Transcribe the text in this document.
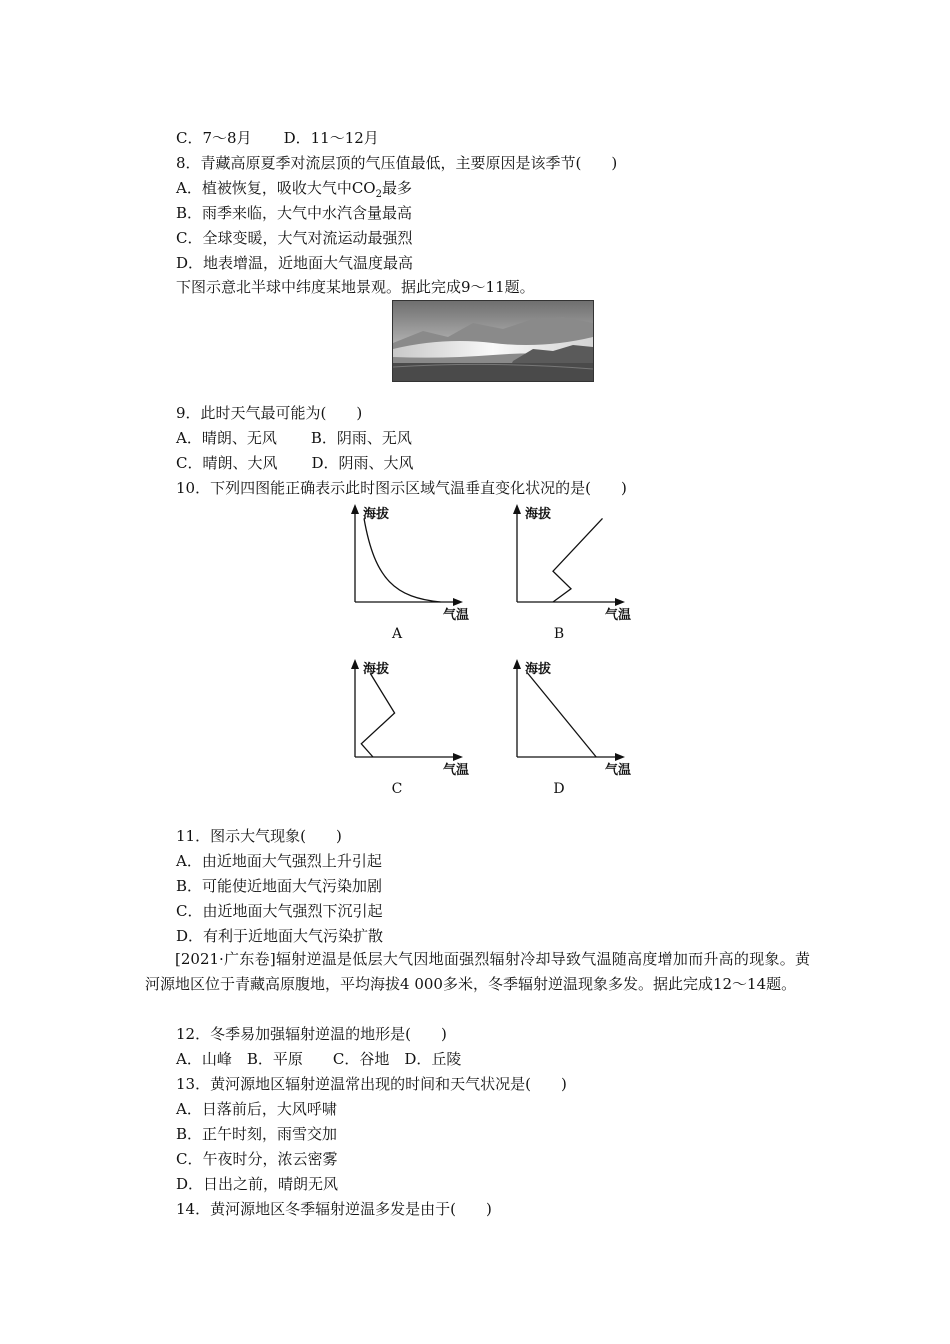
C．7～8月 D．11～12月
8．青藏高原夏季对流层顶的气压值最低，主要原因是该季节(　　)
A．植被恢复，吸收大气中$CO_2$最多
B．雨季来临，大气中水汽含量最高
C．全球变暖，大气对流运动最强烈
D．地表增温，近地面大气温度最高
下图示意北半球中纬度某地景观。据此完成9～11题。
9．此时天气最可能为(　　)
A．晴朗、无风 B．阴雨、无风
C．晴朗、大风 D．阴雨、大风
10．下列四图能正确表示此时图示区域气温垂直变化状况的是(　　)
海拔
气温
A
海拔
气温
B
海拔
气温
C
海拔
气温
D
11．图示大气现象(　　)
A．由近地面大气强烈上升引起
B．可能使近地面大气污染加剧
C．由近地面大气强烈下沉引起
D．有利于近地面大气污染扩散
[2021·广东卷]辐射逆温是低层大气因地面强烈辐射冷却导致气温随高度增加而升高的现象。黄河源地区位于青藏高原腹地，平均海拔4 000多米，冬季辐射逆温现象多发。据此完成12～14题。
12．冬季易加强辐射逆温的地形是(　　)
A．山峰　B．平原　　C．谷地　D．丘陵
13．黄河源地区辐射逆温常出现的时间和天气状况是(　　)
A．日落前后，大风呼啸
B．正午时刻，雨雪交加
C．午夜时分，浓云密雾
D．日出之前，晴朗无风
14．黄河源地区冬季辐射逆温多发是由于(　　)
